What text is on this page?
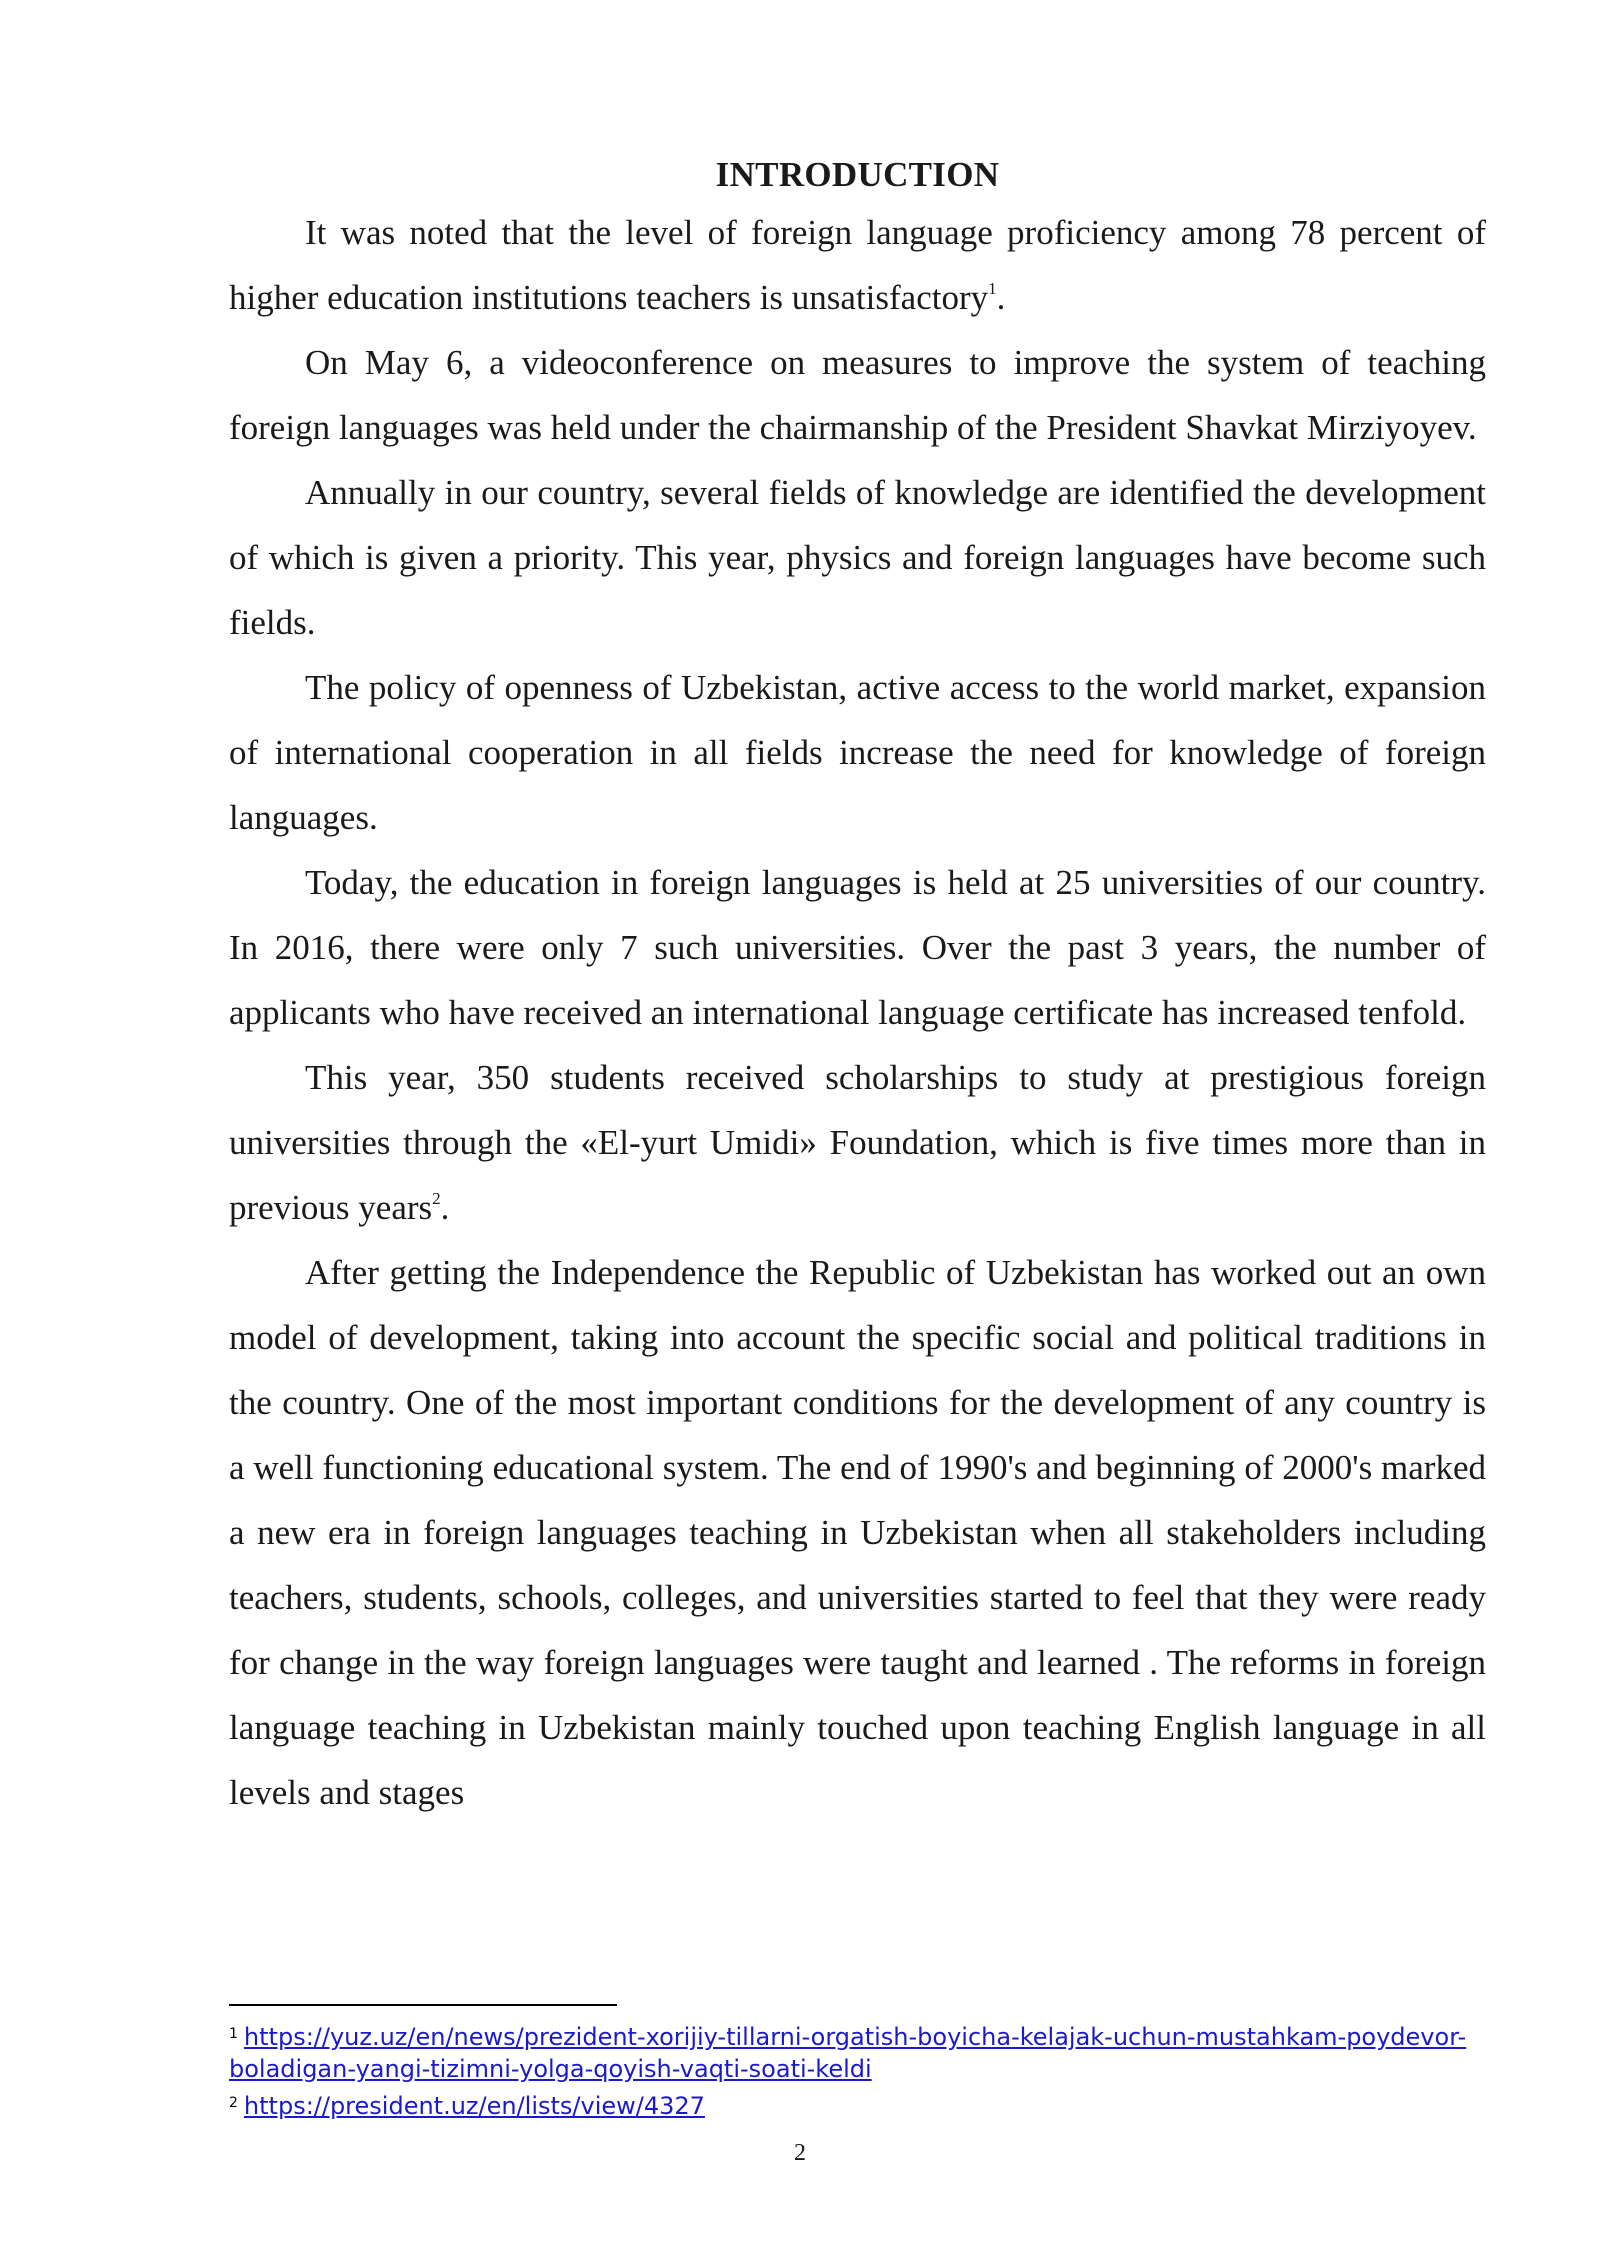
INTRODUCTION

It was noted that the level of foreign language proficiency among 78 percent of higher education institutions teachers is unsatisfactory$^1$.

On May 6, a videoconference on measures to improve the system of teaching foreign languages was held under the chairmanship of the President Shavkat Mirziyoyev.

Annually in our country, several fields of knowledge are identified the development of which is given a priority. This year, physics and foreign languages have become such fields.

The policy of openness of Uzbekistan, active access to the world market, expansion of international cooperation in all fields increase the need for knowledge of foreign languages.

Today, the education in foreign languages is held at 25 universities of our country. In 2016, there were only 7 such universities. Over the past 3 years, the number of applicants who have received an international language certificate has increased tenfold.

This year, 350 students received scholarships to study at prestigious foreign universities through the «El-yurt Umidi» Foundation, which is five times more than in previous years$^2$.

After getting the Independence the Republic of Uzbekistan has worked out an own model of development, taking into account the specific social and political traditions in the country. One of the most important conditions for the development of any country is a well functioning educational system. The end of 1990's and beginning of 2000's marked a new era in foreign languages teaching in Uzbekistan when all stakeholders including teachers, students, schools, colleges, and universities started to feel that they were ready for change in the way foreign languages were taught and learned . The reforms in foreign language teaching in Uzbekistan mainly touched upon teaching English language in all levels and stages

$^1$ https://yuz.uz/en/news/prezident-xorijiy-tillarni-orgatish-boyicha-kelajak-uchun-mustahkam-poydevor-boladigan-yangi-tizimni-yolga-qoyish-vaqti-soati-keldi

$^2$ https://president.uz/en/lists/view/4327

2
